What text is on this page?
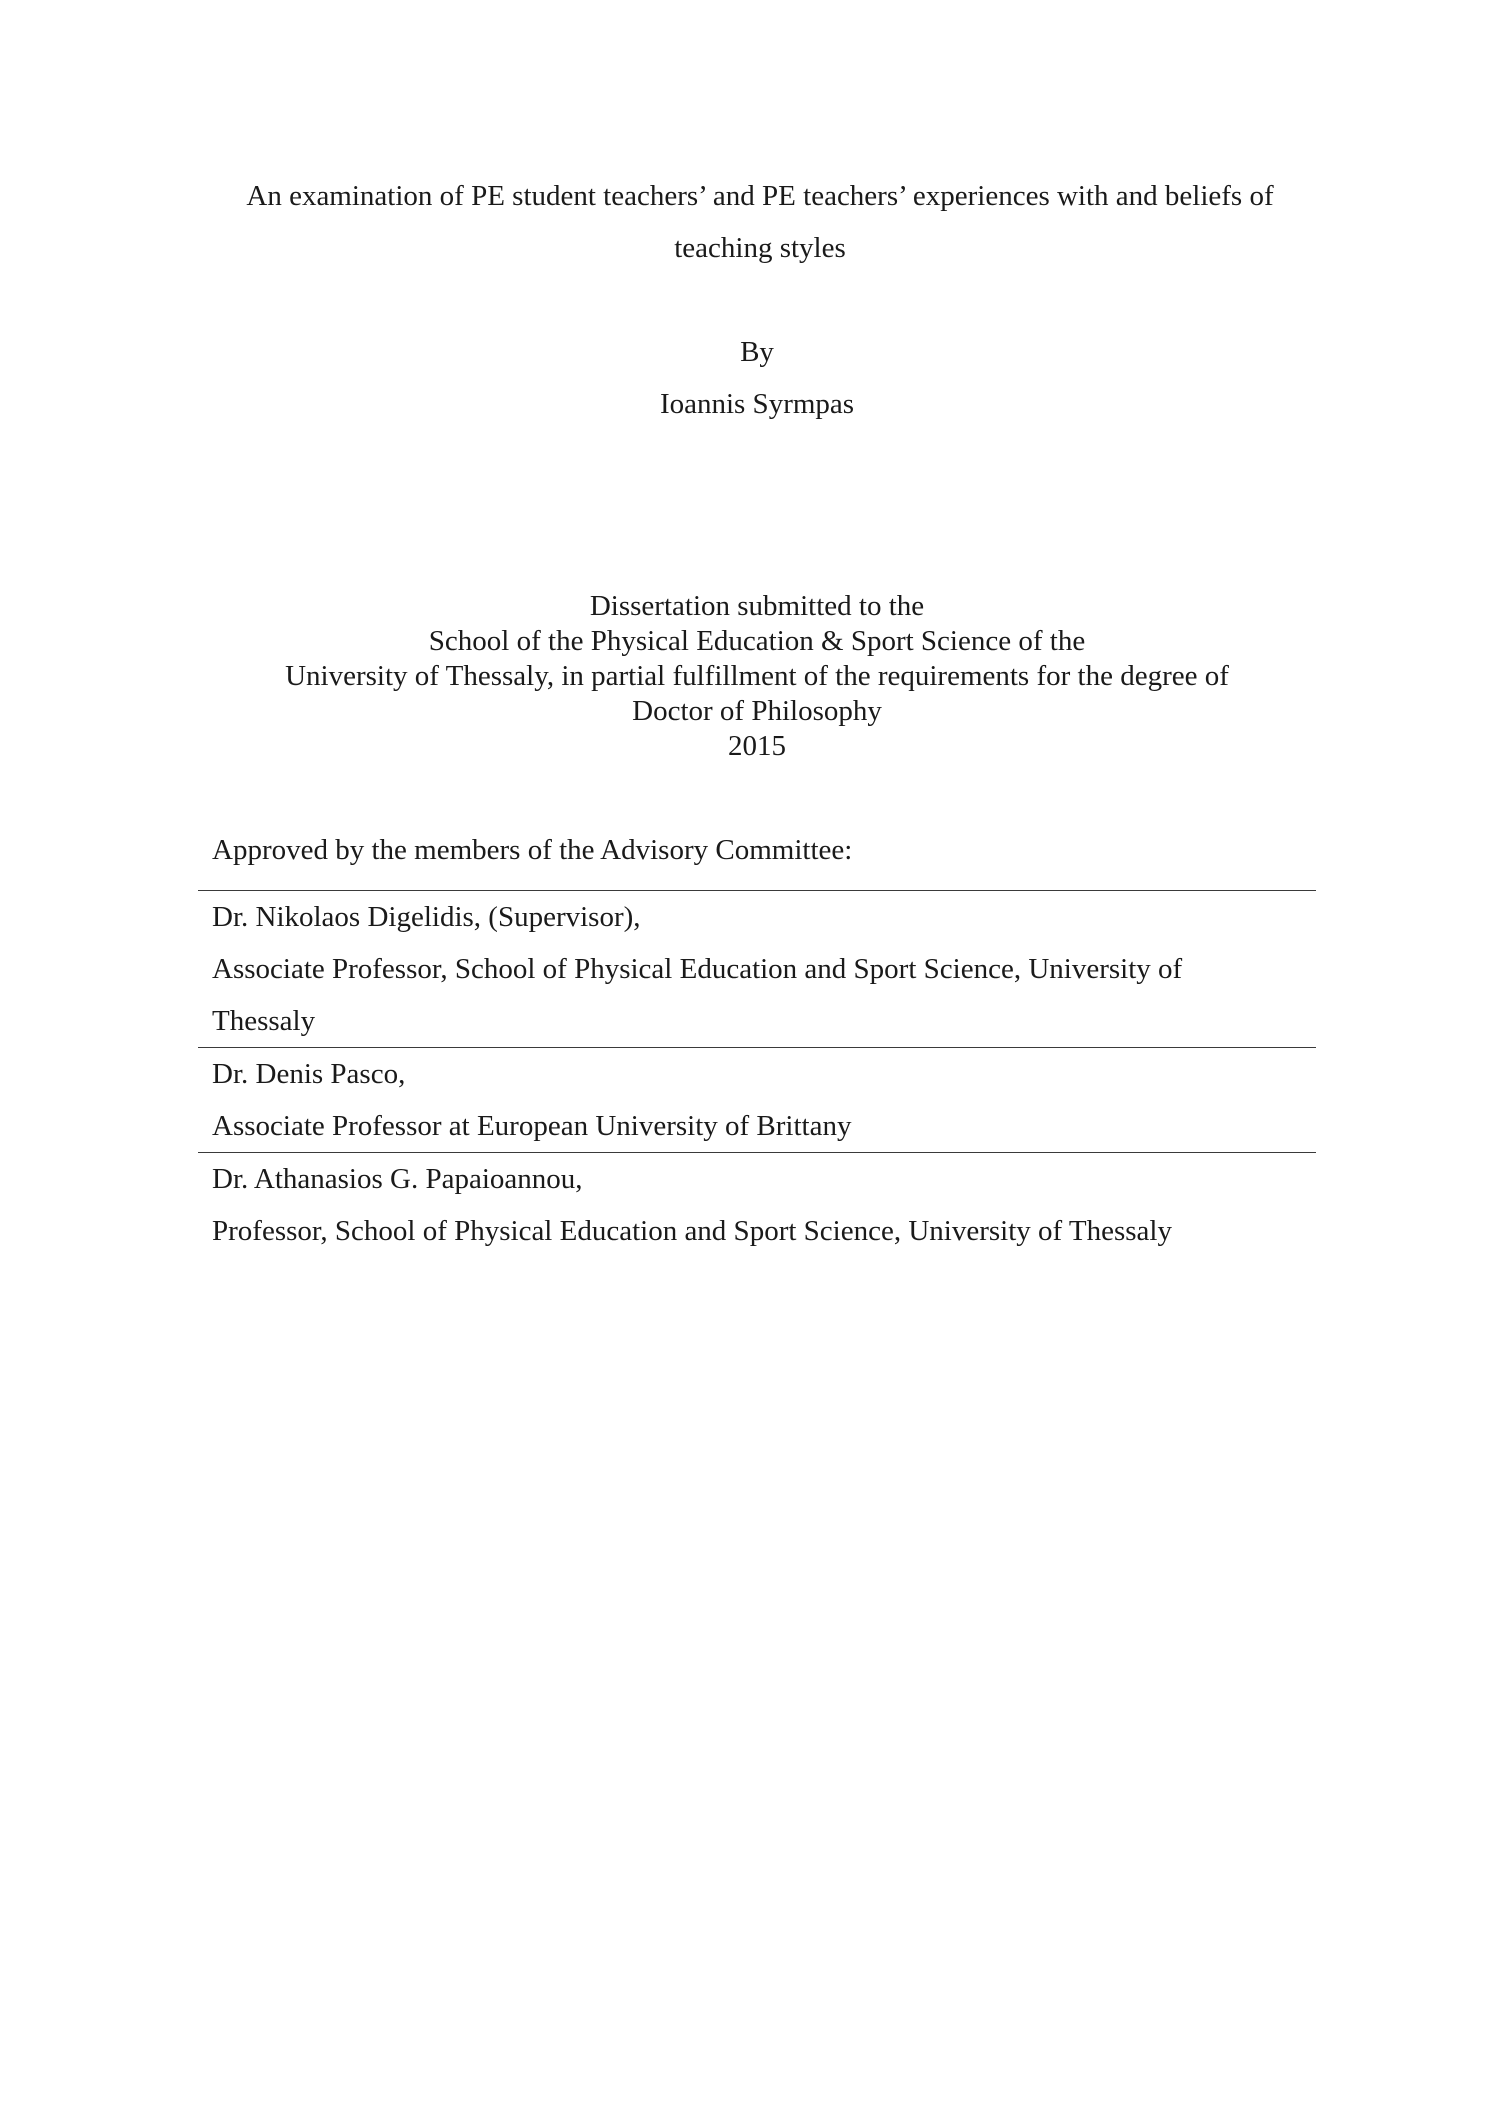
An examination of PE student teachers’ and PE teachers’ experiences with and beliefs of
teaching styles
By
Ioannis Syrmpas
Dissertation submitted to the
School of the Physical Education & Sport Science of the
University of Thessaly, in partial fulfillment of the requirements for the degree of
Doctor of Philosophy
2015
Approved by the members of the Advisory Committee:
Dr. Nikolaos Digelidis, (Supervisor),
Associate Professor, School of Physical Education and Sport Science, University of
Thessaly
Dr. Denis Pasco,
Associate Professor at European University of Brittany
Dr. Athanasios G. Papaioannou,
Professor, School of Physical Education and Sport Science, University of Thessaly
